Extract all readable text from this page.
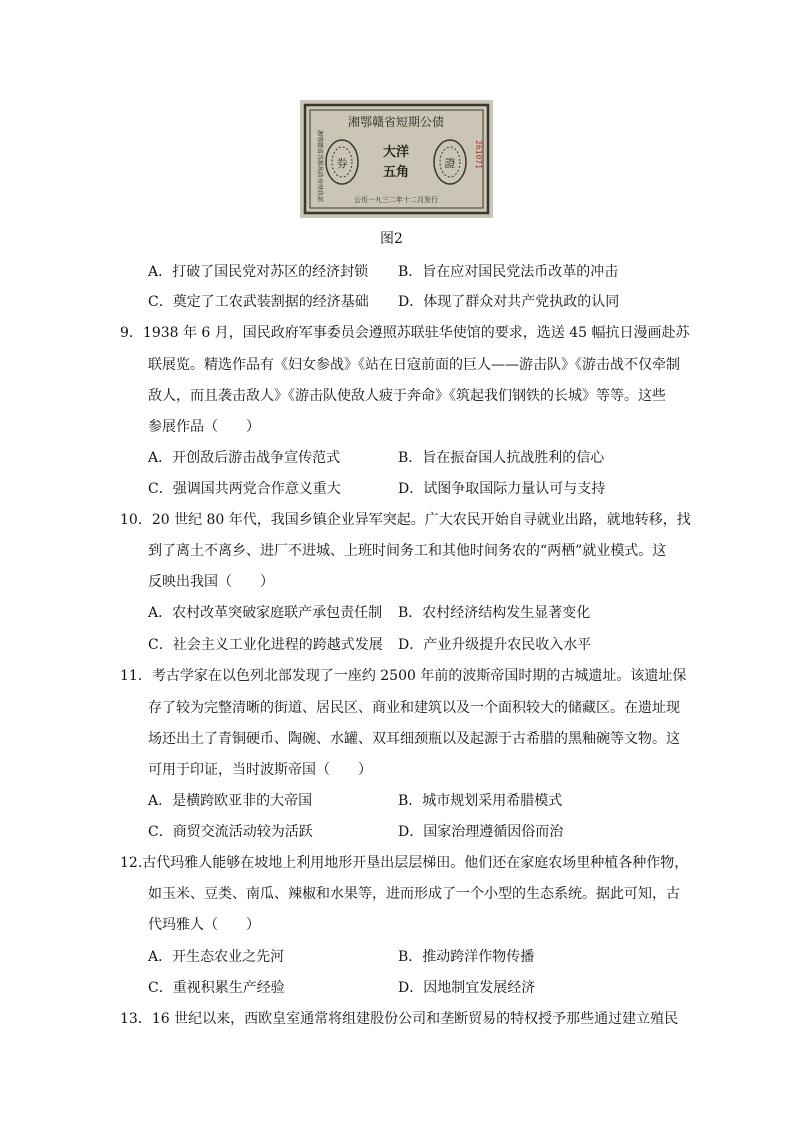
湘鄂赣省短期公债
券	證
大洋
五角
公历一九三二年十二月发行
261071
湘鄂赣省苏维埃政府财政部
图2
A．打破了国民党对苏区的经济封锁 B．旨在应对国民党法币改革的冲击
C．奠定了工农武装割据的经济基础 D．体现了群众对共产党执政的认同
9．1938 年 6 月，国民政府军事委员会遵照苏联驻华使馆的要求，选送 45 幅抗日漫画赴苏
联展览。精选作品有《妇女参战》《站在日寇前面的巨人——游击队》《游击战不仅牵制
敌人，而且袭击敌人》《游击队使敌人疲于奔命》《筑起我们钢铁的长城》等等。这些
参展作品（　　）
A．开创敌后游击战争宣传范式	B．旨在振奋国人抗战胜利的信心
C．强调国共两党合作意义重大	D．试图争取国际力量认可与支持
10．20 世纪 80 年代，我国乡镇企业异军突起。广大农民开始自寻就业出路，就地转移，找
到了离土不离乡、进厂不进城、上班时间务工和其他时间务农的“两栖”就业模式。这
反映出我国（　　）
A．农村改革突破家庭联产承包责任制 B．农村经济结构发生显著变化
C．社会主义工业化进程的跨越式发展 D．产业升级提升农民收入水平
11．考古学家在以色列北部发现了一座约 2500 年前的波斯帝国时期的古城遗址。该遗址保
存了较为完整清晰的街道、居民区、商业和建筑以及一个面积较大的储藏区。在遗址现
场还出土了青铜硬币、陶碗、水罐、双耳细颈瓶以及起源于古希腊的黑釉碗等文物。这
可用于印证，当时波斯帝国（　　）
A．是横跨欧亚非的大帝国	B．城市规划采用希腊模式
C．商贸交流活动较为活跃	D．国家治理遵循因俗而治
12.古代玛雅人能够在坡地上利用地形开垦出层层梯田。他们还在家庭农场里种植各种作物，
如玉米、豆类、南瓜、辣椒和水果等，进而形成了一个小型的生态系统。据此可知，古
代玛雅人（　　）
A．开生态农业之先河	B．推动跨洋作物传播
C．重视积累生产经验	D．因地制宜发展经济
13．16 世纪以来，西欧皇室通常将组建股份公司和垄断贸易的特权授予那些通过建立殖民
